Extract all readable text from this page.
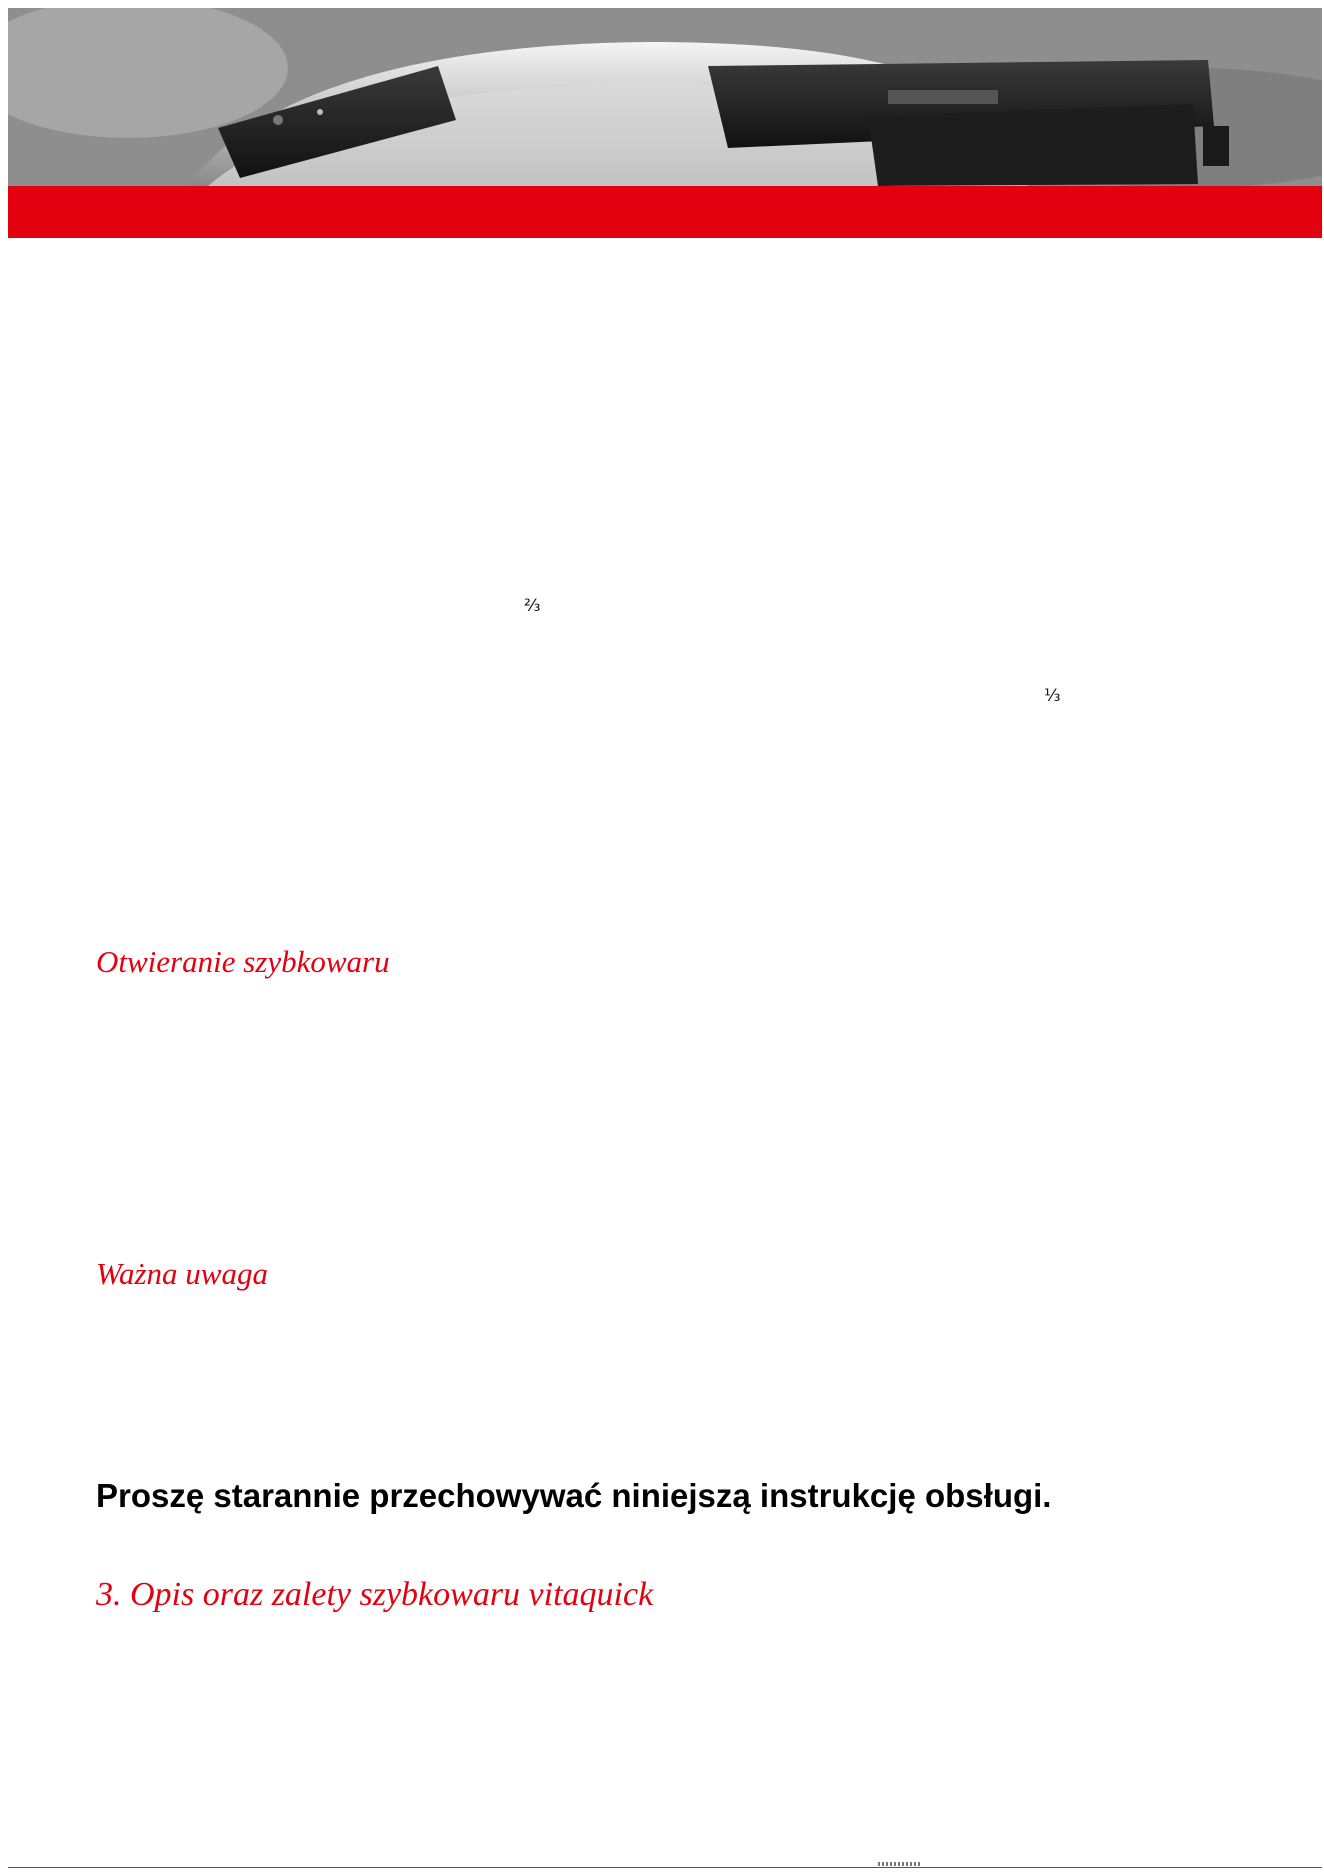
⅔
⅓
Otwieranie szybkowaru
Ważna uwaga

Proszę starannie przechowywać niniejszą instrukcję obsługi.

3. Opis oraz zalety szybkowaru vitaquick
